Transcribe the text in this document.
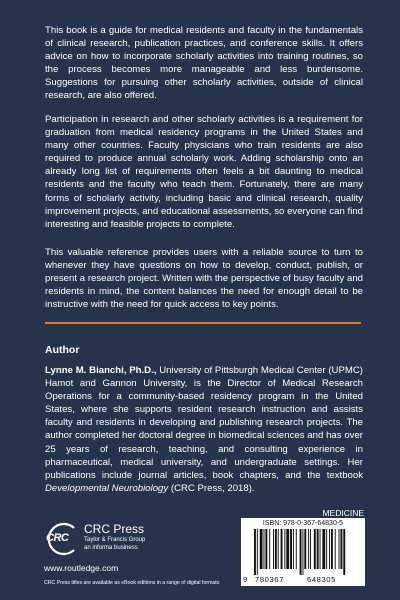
This book is a guide for medical residents and faculty in the fundamentals of clinical research, publication practices, and conference skills. It offers advice on how to incorporate scholarly activities into training routines, so the process becomes more manageable and less burdensome. Suggestions for pursuing other scholarly activities, outside of clinical research, are also offered.

Participation in research and other scholarly activities is a requirement for graduation from medical residency programs in the United States and many other countries. Faculty physicians who train residents are also required to produce annual scholarly work. Adding scholarship onto an already long list of requirements often feels a bit daunting to medical residents and the faculty who teach them. Fortunately, there are many forms of scholarly activity, including basic and clinical research, quality improvement projects, and educational assessments, so everyone can find interesting and feasible projects to complete.

This valuable reference provides users with a reliable source to turn to whenever they have questions on how to develop, conduct, publish, or present a research project. Written with the perspective of busy faculty and residents in mind, the content balances the need for enough detail to be instructive with the need for quick access to key points.

Author
Lynne M. Bianchi, Ph.D., University of Pittsburgh Medical Center (UPMC) Hamot and Gannon University, is the Director of Medical Research Operations for a community-based residency program in the United States, where she supports resident research instruction and assists faculty and residents in developing and publishing research projects. The author completed her doctoral degree in biomedical sciences and has over 25 years of research, teaching, and consulting experience in pharmaceutical, medical university, and undergraduate settings. Her publications include journal articles, book chapters, and the textbook Developmental Neurobiology (CRC Press, 2018).
CRC
CRC Press
Taylor & Francis Group
an informa business
www.routledge.com
CRC Press titles are available as eBook editions in a range of digital formats
MEDICINE
ISBN: 978-0-367-64830-5
9 780367	648305
